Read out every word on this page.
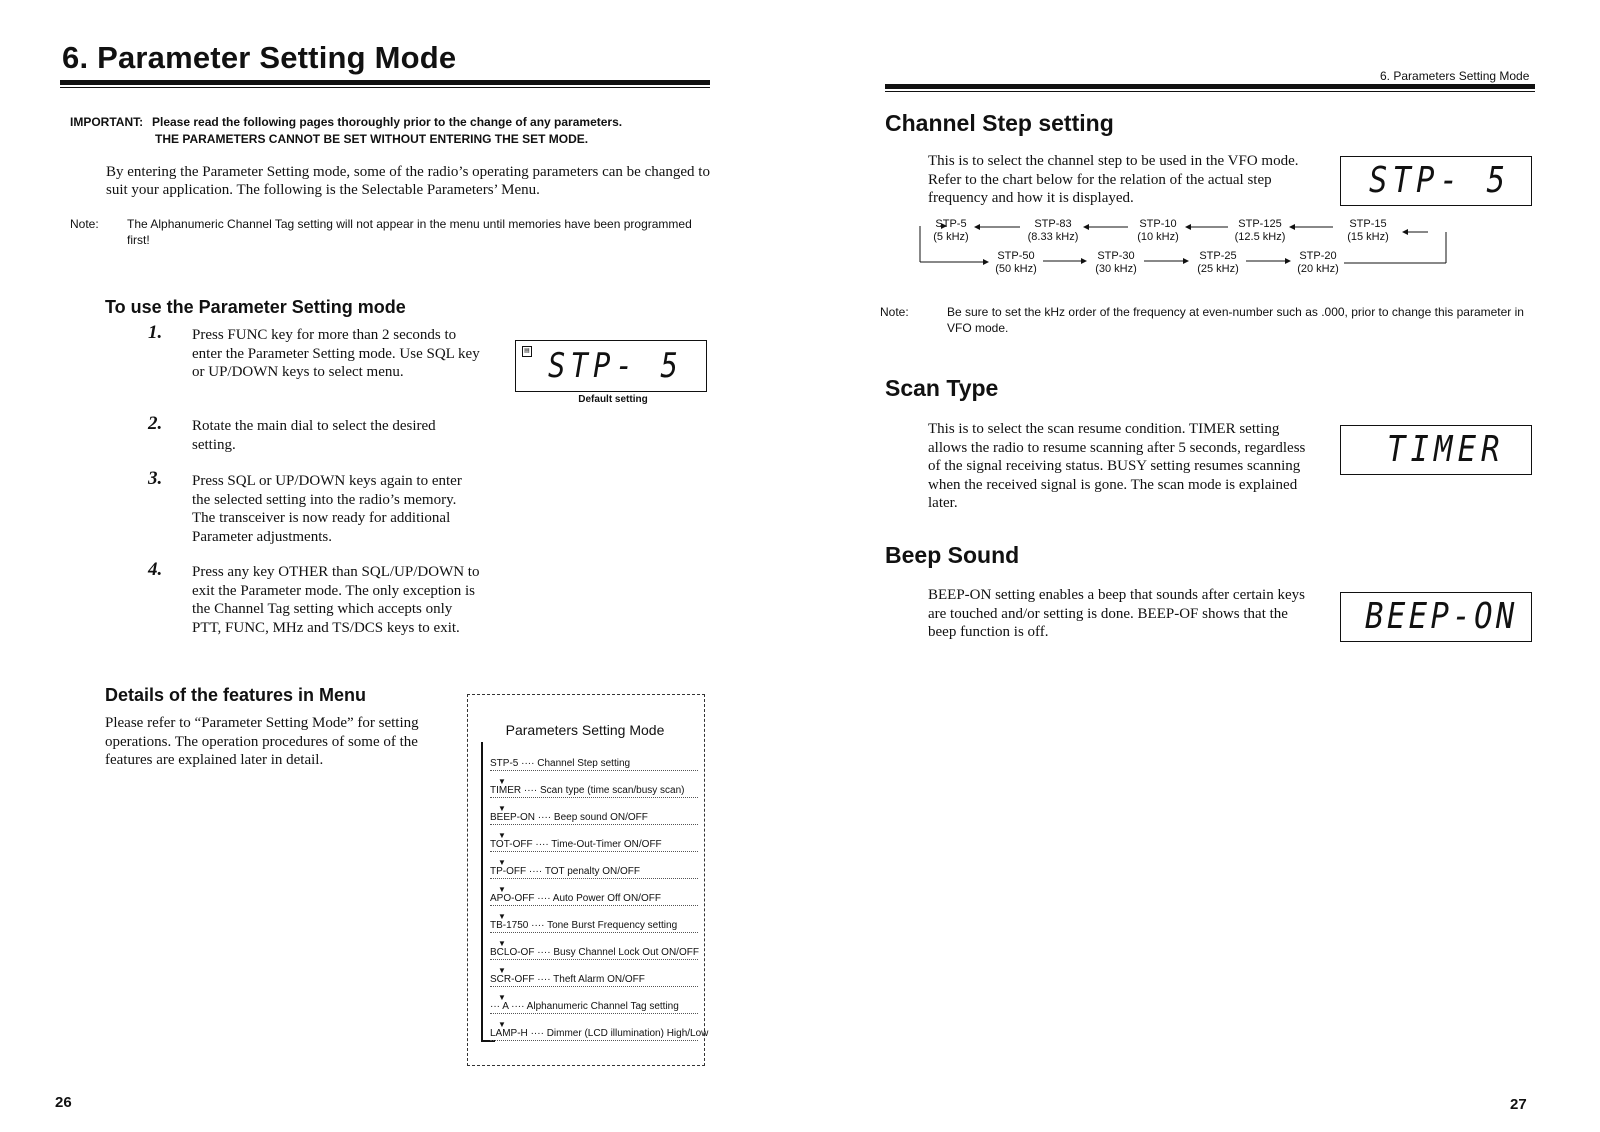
6. Parameter Setting Mode
IMPORTANT: Please read the following pages thoroughly prior to the change of any parameters.
THE PARAMETERS CANNOT BE SET WITHOUT ENTERING THE SET MODE.
By entering the Parameter Setting mode, some of the radio’s operating parameters can be changed to suit your application. The following is the Selectable Parameters’ Menu.
Note: The Alphanumeric Channel Tag setting will not appear in the menu until memories have been programmed first!
To use the Parameter Setting mode
1. Press FUNC key for more than 2 seconds to enter the Parameter Setting mode. Use SQL key or UP/DOWN keys to select menu.
2. Rotate the main dial to select the desired setting.
3. Press SQL or UP/DOWN keys again to enter the selected setting into the radio’s memory. The transceiver is now ready for additional Parameter adjustments.
4. Press any key OTHER than SQL/UP/DOWN to exit the Parameter mode. The only exception is the Channel Tag setting which accepts only PTT, FUNC, MHz and TS/DCS keys to exit.
▤ STP- 5
Default setting
Details of the features in Menu
Please refer to “Parameter Setting Mode” for setting operations. The operation procedures of some of the features are explained later in detail.
Parameters Setting Mode
STP-5 ···· Channel Step setting
▼
TIMER ···· Scan type (time scan/busy scan)
▼
BEEP-ON ···· Beep sound ON/OFF
▼
TOT-OFF ···· Time-Out-Timer ON/OFF
▼
TP-OFF ···· TOT penalty ON/OFF
▼
APO-OFF ···· Auto Power Off ON/OFF
▼
TB-1750 ···· Tone Burst Frequency setting
▼
BCLO-OF ···· Busy Channel Lock Out ON/OFF
▼
SCR-OFF ···· Theft Alarm ON/OFF
▼
··· A ···· Alphanumeric Channel Tag setting
▼
LAMP-H ···· Dimmer (LCD illumination) High/Low
26
6. Parameters Setting Mode
Channel Step setting
This is to select the channel step to be used in the VFO mode. Refer to the chart below for the relation of the actual step frequency and how it is displayed.	STP- 5
STP-5
(5 kHz)
STP-83
(8.33 kHz)
STP-10
(10 kHz)
STP-125
(12.5 kHz)
STP-15
(15 kHz)
STP-50
(50 kHz)
STP-30
(30 kHz)
STP-25
(25 kHz)
STP-20
(20 kHz)
Note:	Be sure to set the kHz order of the frequency at even-number such as .000, prior to change this parameter in VFO mode.
Scan Type
This is to select the scan resume condition. TIMER setting allows the radio to resume scanning after 5 seconds, regardless of the signal receiving status. BUSY setting resumes scanning when the received signal is gone. The scan mode is explained later.
TIMER
Beep Sound
BEEP-ON setting enables a beep that sounds after certain keys are touched and/or setting is done. BEEP-OF shows that the beep function is off.	BEEP-ON
27
